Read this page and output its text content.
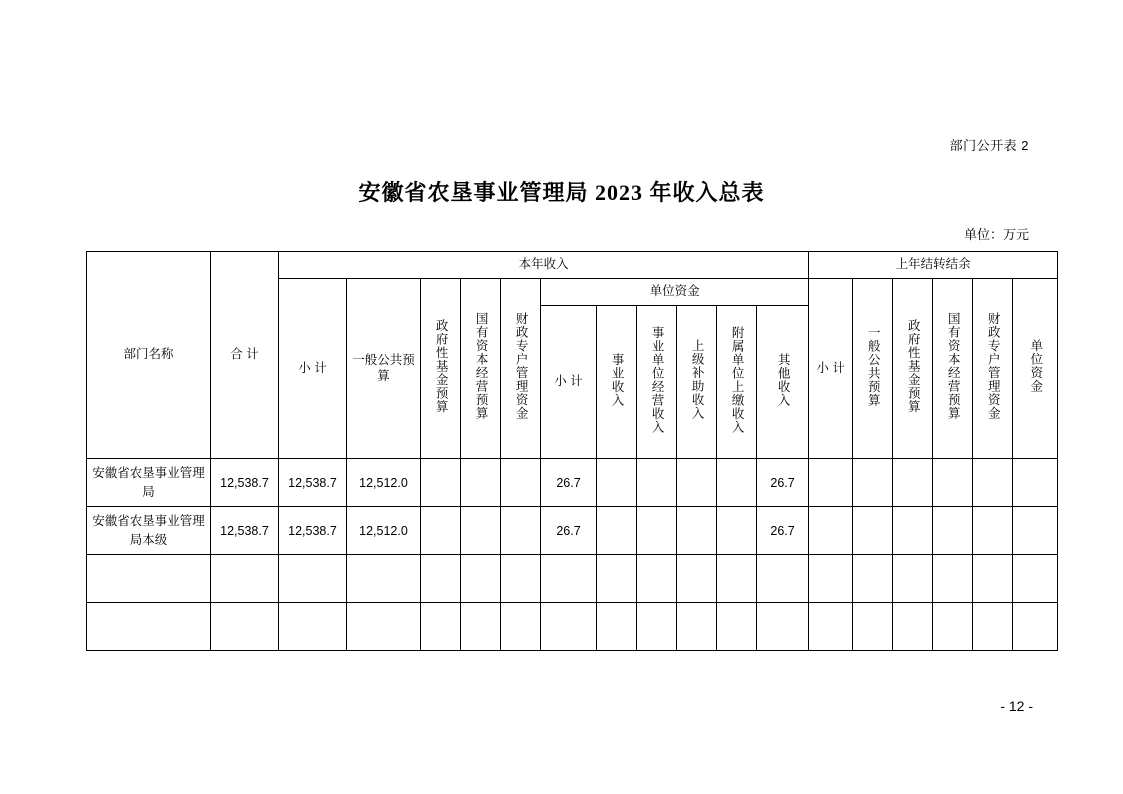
部门公开表 2
安徽省农垦事业管理局 2023 年收入总表
单位：万元
部门名称	合 计	本年收入											上年结转结余					
		小 计	一般公共预算	政府性基金预算	国有资本经营预算	财政专户管理资金	单位资金						小 计	一般公共预算	政府性基金预算	国有资本经营预算	财政专户管理资金	单位资金
							小 计	事业收入	事业单位经营收入	上级补助收入	附属单位上缴收入	其他收入						
安徽省农垦事业管理局	12,538.7	12,538.7	12,512.0				26.7					26.7						
安徽省农垦事业管理局本级	12,538.7	12,538.7	12,512.0				26.7					26.7						

- 12 -
